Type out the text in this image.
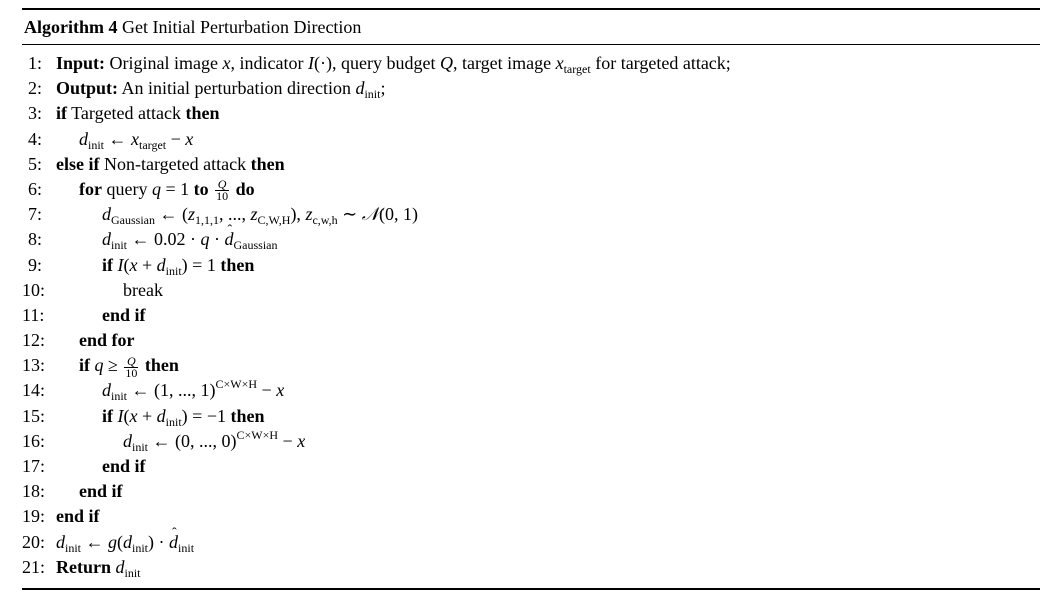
Algorithm 4 Get Initial Perturbation Direction
1: Input: Original image x, indicator I(·), query budget Q, target image $x_{target}$ for targeted attack;
2: Output: An initial perturbation direction $d_{init}$;
3: if Targeted attack then
4: $d_{init}$ ← $x_{target} - x$
5: else if Non-targeted attack then
6: for query q = 1 to $\frac{Q}{10}$ do
7:	$d_{Gaussian}$ ← ($z_{1,1,1}$, ..., $z_{C,W,H}$), $z_{c,w,h}$ ∼ 𝒩(0, 1)
8:	$d_{init}$ ← 0.02 · q · ˆ $d_{Gaussian}$
9:	if $I(x + d_{init}) = 1$ then
10:	break
11:	end if
12: end for
13: if $q \ge \frac{Q}{10}$ then
14:	$d_{init}$ ← (1, ..., 1)$^{C\times W\times H}$ − x
15:	if $I(x + d_{init}) = -1$ then
16:	$d_{init}$ ← (0, ..., 0)$^{C\times W\times H}$ − x
17:	end if
18: end if
19: end if
20: $d_{init}$ ← $g(d_{init})$ · ˆ $d_{init}$
21: Return $d_{init}$
